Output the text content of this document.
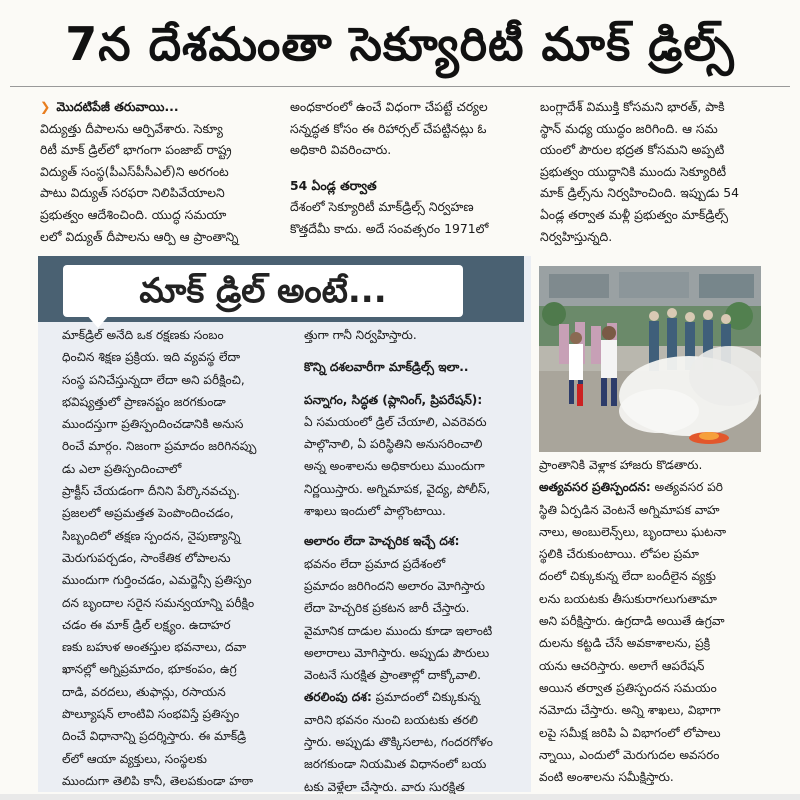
7న దేశమంతా సెక్యూరిటీ మాక్‌ డ్రిల్స్‌
❯ మొదటిపేజీ తరువాయి...
విద్యుత్తు దీపాలను ఆర్పివేశారు. సెక్యూ
రిటీ మాక్‌ డ్రిల్‌లో భాగంగా పంజాబ్‌ రాష్ట్ర
విద్యుత్‌ సంస్థ(పీఎస్‌పీసీఎల్‌)ని అరగంట
పాటు విద్యుత్‌ సరఫరా నిలిపివేయాలని
ప్రభుత్వం ఆదేశించింది. యుద్ధ సమయా
లలో విద్యుత్‌ దీపాలను ఆర్పి ఆ ప్రాంతాన్ని
అంధకారంలో ఉంచే విధంగా చేపట్టే చర్యల
సన్నద్ధత కోసం ఈ రిహార్సల్‌ చేపట్టినట్లు ఓ
అధికారి వివరించారు.
54 ఏండ్ల తర్వాత
దేశంలో సెక్యూరిటీ మాక్‌డ్రిల్స్‌ నిర్వహణ
కొత్తదేమీ కాదు. అదే సంవత్సరం 1971లో
బంగ్లాదేశ్‌ విముక్తి కోసమని భారత్‌, పాకి
స్థాన్‌ మధ్య యుద్ధం జరిగింది. ఆ సమ
యంలో పౌరుల భద్రత కోసమని అప్పటి
ప్రభుత్వం యుద్ధానికి ముందు సెక్యూరిటీ
మాక్‌ డ్రిల్స్‌ను నిర్వహించింది. ఇప్పుడు 54
ఏండ్ల తర్వాత మళ్లీ ప్రభుత్వం మాక్‌డ్రిల్స్‌
నిర్వహిస్తున్నది.
మాక్‌ డ్రిల్‌ అంటే...
మాక్‌డ్రిల్‌ అనేది ఒక రక్షణకు సంబం
ధించిన శిక్షణ ప్రక్రియ. ఇది వ్యవస్థ లేదా
సంస్థ పనిచేస్తున్నదా లేదా అని పరీక్షించి,
భవిష్యత్తులో ప్రాణనష్టం జరగకుండా
ముందస్తుగా ప్రతిస్పందించడానికి అనుస
రించే మార్గం. నిజంగా ప్రమాదం జరిగినప్పు
డు ఎలా ప్రతిస్పందించాలో
ప్రాక్టీస్‌ చేయడంగా దీనిని పేర్కొనవచ్చు.
ప్రజలలో అప్రమత్తత పెంపొందించడం,
సిబ్బందిలో తక్షణ స్పందన, నైపుణ్యాన్ని
మెరుగుపర్చడం, సాంకేతిక లోపాలను
ముందుగా గుర్తించడం, ఎమర్జెన్సీ ప్రతిస్పం
దన బృందాల సరైన సమన్వయాన్ని పరీక్షిం
చడం ఈ మాక్‌ డ్రిల్‌ లక్ష్యం. ఉదాహర
ణకు బహుళ అంతస్తుల భవనాలు, దవా
ఖానల్లో అగ్నిప్రమాదం, భూకంపం, ఉగ్ర
దాడి, వరదలు, తుఫాన్లు, రసాయన
పొల్యూషన్‌ లాంటివి సంభవిస్తే ప్రతిస్పం
దించే విధానాన్ని ప్రదర్శిస్తారు. ఈ మాక్‌డ్రి
ల్‌లో ఆయా వ్యక్తులు, సంస్థలకు
ముందుగా తెలిపి కానీ, తెలపకుండా హఠా
త్తుగా గానీ నిర్వహిస్తారు.
కొన్ని దశలవారీగా మాక్‌డ్రిల్స్‌ ఇలా..
పన్నాగం, సిద్ధత (ప్లానింగ్‌, ప్రిపరేషన్‌):
ఏ సమయంలో డ్రిల్‌ చేయాలి, ఎవరెవరు
పాల్గొనాలి, ఏ పరిస్థితిని అనుసరించాలి
అన్న అంశాలను అధికారులు ముందుగా
నిర్ణయిస్తారు. అగ్నిమాపక, వైద్య, పోలీస్‌,
శాఖలు ఇందులో పాల్గొంటాయి.
అలారం లేదా హెచ్చరిక ఇచ్చే దశ:
భవనం లేదా ప్రమాద ప్రదేశంలో
ప్రమాదం జరిగిందని అలారం మోగిస్తారు
లేదా హెచ్చరిక ప్రకటన జారీ చేస్తారు.
వైమానిక దాడుల ముందు కూడా ఇలాంటి
అలారాలు మోగిస్తారు. అప్పుడు పౌరులు
వెంటనే సురక్షిత ప్రాంతాల్లో దాక్కోవాలి.
తరలింపు దశ: ప్రమాదంలో చిక్కుకున్న
వారిని భవనం నుంచి బయటకు తరలి
స్తారు. అప్పుడు తొక్కిసలాట, గందరగోళం
జరగకుండా నియమిత విధానంలో బయ
టకు వెళ్లేలా చేస్తారు. వారు సురక్షిత
ప్రాంతానికి వెళ్లాక హాజరు కొడతారు.
అత్యవసర ప్రతిస్పందన: అత్యవసర పరి
స్థితి ఏర్పడిన వెంటనే అగ్నిమాపక వాహ
నాలు, అంబులెన్స్‌లు, బృందాలు ఘటనా
స్థలికి చేరుకుంటాయి. లోపల ప్రమా
దంలో చిక్కుకున్న లేదా బందీలైన వ్యక్తు
లను బయటకు తీసుకురాగలుగుతామా
అని పరీక్షిస్తారు. ఉగ్రదాడి అయితే ఉగ్రవా
దులను కట్టడి చేసే అవకాశాలను, ప్రక్రి
యను ఆచరిస్తారు. అలాగే ఆపరేషన్‌
అయిన తర్వాత ప్రతిస్పందన సమయం
నమోదు చేస్తారు. అన్ని శాఖలు, విభాగా
లపై సమీక్ష జరిపి ఏ విభాగంలో లోపాలు
న్నాయి, ఎందులో మెరుగుదల అవసరం
వంటి అంశాలను సమీక్షిస్తారు.
